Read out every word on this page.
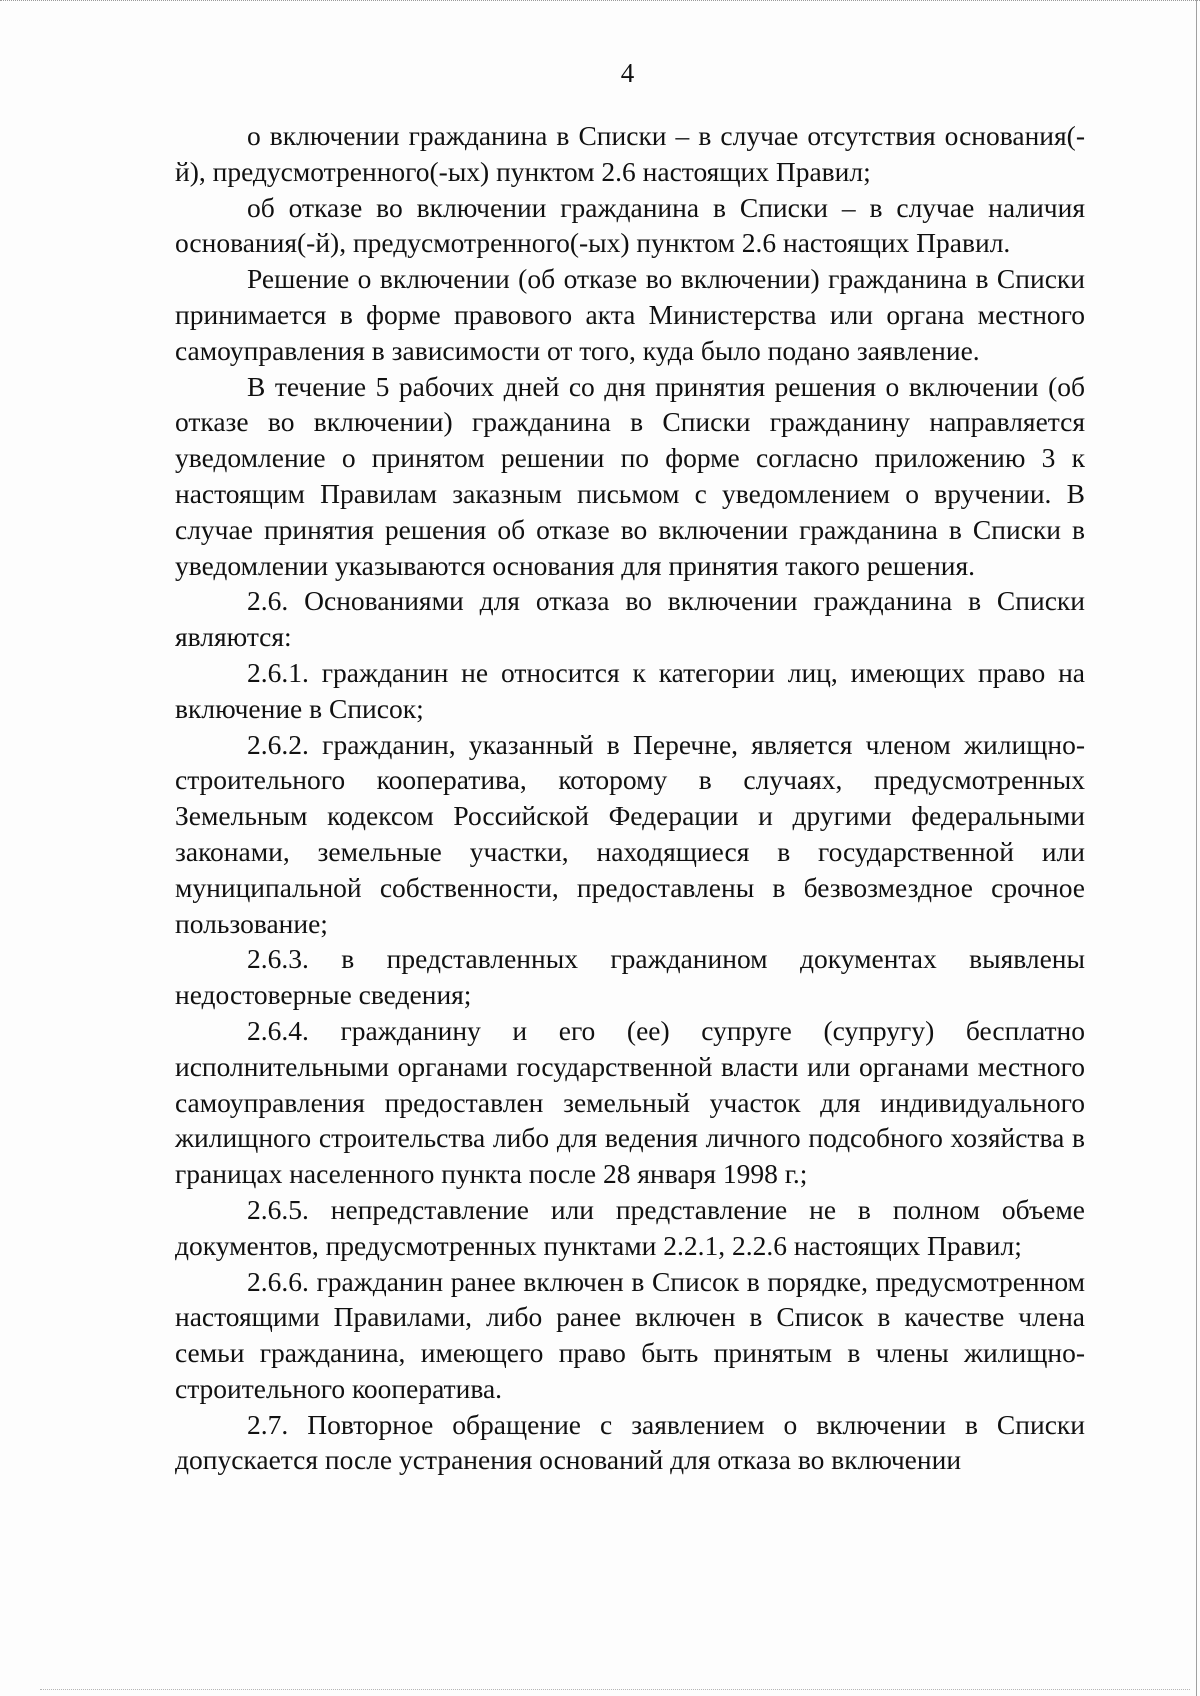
4

о включении гражданина в Списки – в случае отсутствия основания(-й), предусмотренного(-ых) пунктом 2.6 настоящих Правил;

об отказе во включении гражданина в Списки – в случае наличия основания(-й), предусмотренного(-ых) пунктом 2.6 настоящих Правил.

Решение о включении (об отказе во включении) гражданина в Списки принимается в форме правового акта Министерства или органа местного самоуправления в зависимости от того, куда было подано заявление.

В течение 5 рабочих дней со дня принятия решения о включении (об отказе во включении) гражданина в Списки гражданину направляется уведомление о принятом решении по форме согласно приложению 3 к настоящим Правилам заказным письмом с уведомлением о вручении. В случае принятия решения об отказе во включении гражданина в Списки в уведомлении указываются основания для принятия такого решения.

2.6. Основаниями для отказа во включении гражданина в Списки являются:

2.6.1. гражданин не относится к категории лиц, имеющих право на включение в Список;

2.6.2. гражданин, указанный в Перечне, является членом жилищно-строительного кооператива, которому в случаях, предусмотренных Земельным кодексом Российской Федерации и другими федеральными законами, земельные участки, находящиеся в государственной или муниципальной собственности, предоставлены в безвозмездное срочное пользование;

2.6.3. в представленных гражданином документах выявлены недостоверные сведения;

2.6.4. гражданину и его (ее) супруге (супругу) бесплатно исполнительными органами государственной власти или органами местного самоуправления предоставлен земельный участок для индивидуального жилищного строительства либо для ведения личного подсобного хозяйства в границах населенного пункта после 28 января 1998 г.;

2.6.5. непредставление или представление не в полном объеме документов, предусмотренных пунктами 2.2.1, 2.2.6 настоящих Правил;

2.6.6. гражданин ранее включен в Список в порядке, предусмотренном настоящими Правилами, либо ранее включен в Список в качестве члена семьи гражданина, имеющего право быть принятым в члены жилищно-строительного кооператива.

2.7. Повторное обращение с заявлением о включении в Списки допускается после устранения оснований для отказа во включении
